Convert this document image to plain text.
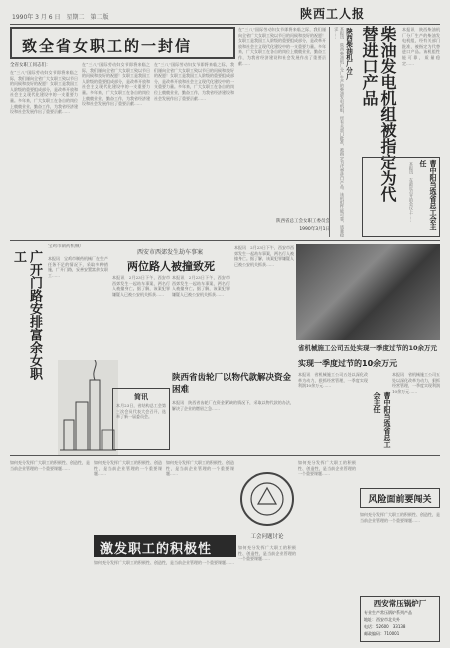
1990年 3 月 6 日　星期二　第二版	陕西工人报
致全省女职工的一封信
全省女职工同志们：
在“三八”国际劳动妇女节即将来临之际，我们谨向全省广大女职工致以节日的问候和良好的祝愿！女职工是我国工人阶级的重要组成部分，是改革开放和社会主义现代化建设中的一支重要力量。多年来，广大女职工在各自的岗位上兢兢业业，勤奋工作，为我省经济建设和社会发展作出了重要贡献……
在“三八”国际劳动妇女节即将来临之际，我们谨向全省广大女职工致以节日的问候和良好的祝愿！女职工是我国工人阶级的重要组成部分，是改革开放和社会主义现代化建设中的一支重要力量。多年来，广大女职工在各自的岗位上兢兢业业，勤奋工作，为我省经济建设和社会发展作出了重要贡献……
在“三八”国际劳动妇女节即将来临之际，我们谨向全省广大女职工致以节日的问候和良好的祝愿！女职工是我国工人阶级的重要组成部分，是改革开放和社会主义现代化建设中的一支重要力量。多年来，广大女职工在各自的岗位上兢兢业业，勤奋工作，为我省经济建设和社会发展作出了重要贡献……
在“三八”国际劳动妇女节即将来临之际，我们谨向全省广大女职工致以节日的问候和良好的祝愿！女职工是我国工人阶级的重要组成部分，是改革开放和社会主义现代化建设中的一支重要力量。多年来，广大女职工在各自的岗位上兢兢业业，勤奋工作，为我省经济建设和社会发展作出了重要贡献……
陕西省总工会女职工委员会
1990年3月1日	本报讯　陕西柴油机厂分厂生产的柴油发电机组，经有关部门批准，被指定为代替进口产品。该机组性能可靠，质量稳定…… 陕西柴油机厂分厂	柴油发电机组被指定为代替进口产品	本报讯　陕西柴油机厂分厂生产的柴油发电机组，经有关部门批准，被指定为代替进口产品。该机组性能可靠，质量稳定……
本报讯　在最近召开的会议上……	曹中阳当选省总工会主任
宝鸡市制药机械厂
本报讯　宝鸡市制药机械厂在生产任务不足的情况下，采取多种措施，广开门路，妥善安置富余女职工……
广开门路安排富余女职工	西安市西郊发生劫车事案
两位路人被撞致死
本报讯　2月23日下午，西安市西郊发生一起劫车事案，两名行人被撞身亡。据了解，该案犯罪嫌疑人已被公安机关抓获……
本报讯　2月23日下午，西安市西郊发生一起劫车事案，两名行人被撞身亡。据了解，该案犯罪嫌疑人已被公安机关抓获……
本报讯　2月23日下午，西安市西郊发生一起劫车事案，两名行人被撞身亡。据了解，该案犯罪嫌疑人已被公安机关抓获……
陕西省齿轮厂以物代款解决资金困难
本报讯　陕西省齿轮厂在资金紧缺的情况下，采取以物代款的办法，解决了企业的燃眉之急……
简讯
本月23日，省结构总工会第三次会员代表大会召开，选举了新一届委员会。
省机械施工公司五处实现一季度过节的10余万元
实现一季度过节的10余万元
本报讯　省机械施工公司五处以深化改革为动力，狠抓经营管理，一季度实现利润10余万元……
本报讯　省机械施工公司五处以深化改革为动力，狠抓经营管理，一季度实现利润10余万元……
曹中阳当选省总工会主任
如何充分发挥广大职工的积极性、创造性，是当前企业管理的一个重要课题……
如何充分发挥广大职工的积极性、创造性，是当前企业管理的一个重要课题……
如何充分发挥广大职工的积极性、创造性，是当前企业管理的一个重要课题……
如何充分发挥广大职工的积极性、创造性，是当前企业管理的一个重要课题……
激发职工的积极性
工会问题讨论
如何充分发挥广大职工的积极性、创造性，是当前企业管理的一个重要课题……
如何充分发挥广大职工的积极性、创造性，是当前企业管理的一个重要课题……
风险面前要闯关
如何充分发挥广大职工的积极性、创造性，是当前企业管理的一个重要课题……
西安常压锅炉厂
专业生产常压锅炉系列产品
地址：西安市北关外
电话：52600　33138
邮政编码：710001
